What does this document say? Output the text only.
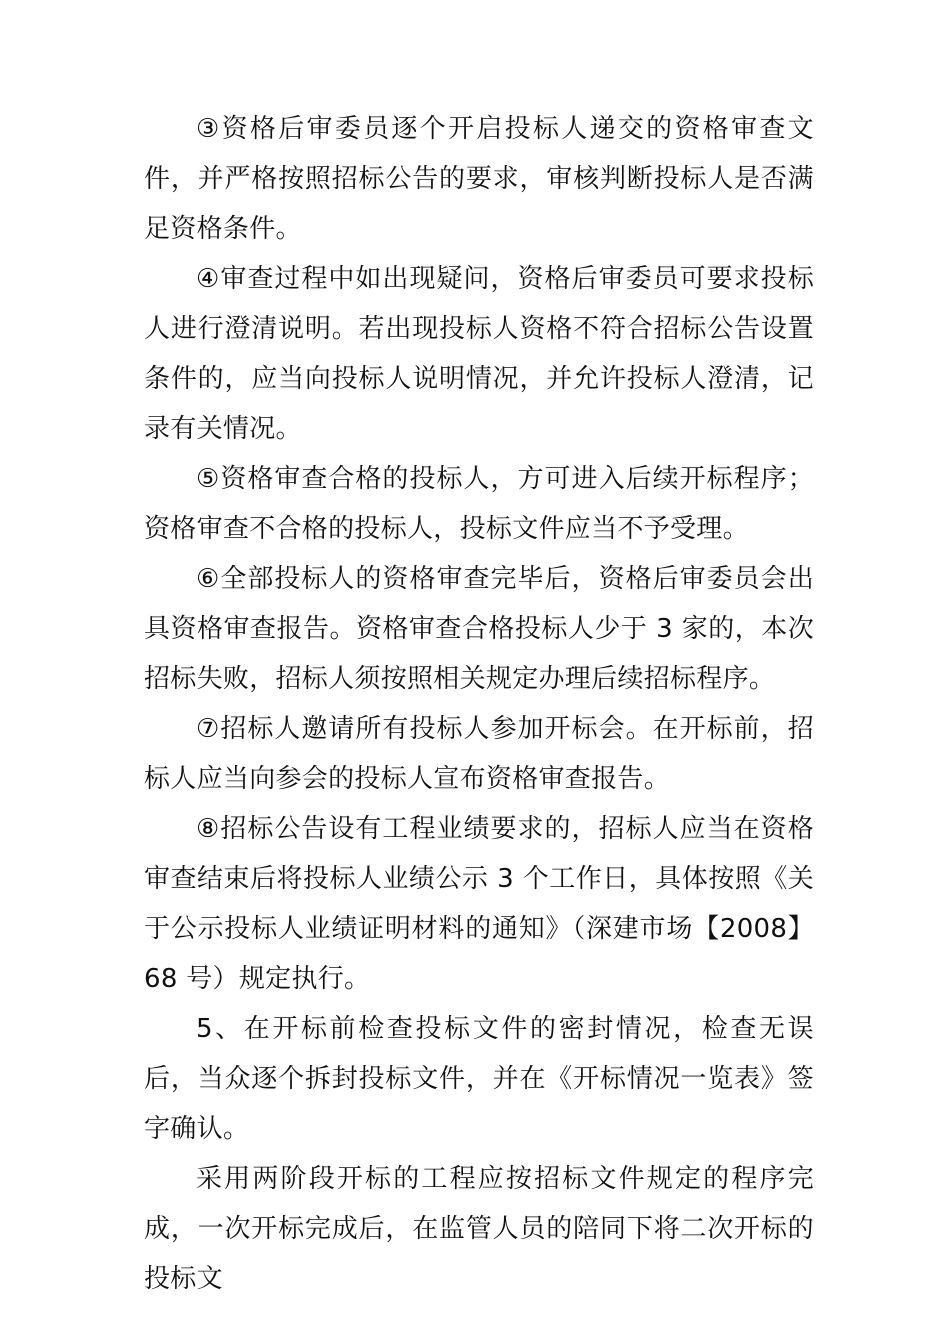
③资格后审委员逐个开启投标人递交的资格审查文件，并严格按照招标公告的要求，审核判断投标人是否满足资格条件。

④审查过程中如出现疑问，资格后审委员可要求投标人进行澄清说明。若出现投标人资格不符合招标公告设置条件的，应当向投标人说明情况，并允许投标人澄清，记录有关情况。

⑤资格审查合格的投标人，方可进入后续开标程序；资格审查不合格的投标人，投标文件应当不予受理。

⑥全部投标人的资格审查完毕后，资格后审委员会出具资格审查报告。资格审查合格投标人少于 3 家的，本次招标失败，招标人须按照相关规定办理后续招标程序。

⑦招标人邀请所有投标人参加开标会。在开标前，招标人应当向参会的投标人宣布资格审查报告。

⑧招标公告设有工程业绩要求的，招标人应当在资格审查结束后将投标人业绩公示 3 个工作日，具体按照《关于公示投标人业绩证明材料的通知》（深建市场【2008】68 号）规定执行。

5、在开标前检查投标文件的密封情况，检查无误后，当众逐个拆封投标文件，并在《开标情况一览表》签字确认。

采用两阶段开标的工程应按招标文件规定的程序完成，一次开标完成后，在监管人员的陪同下将二次开标的投标文
